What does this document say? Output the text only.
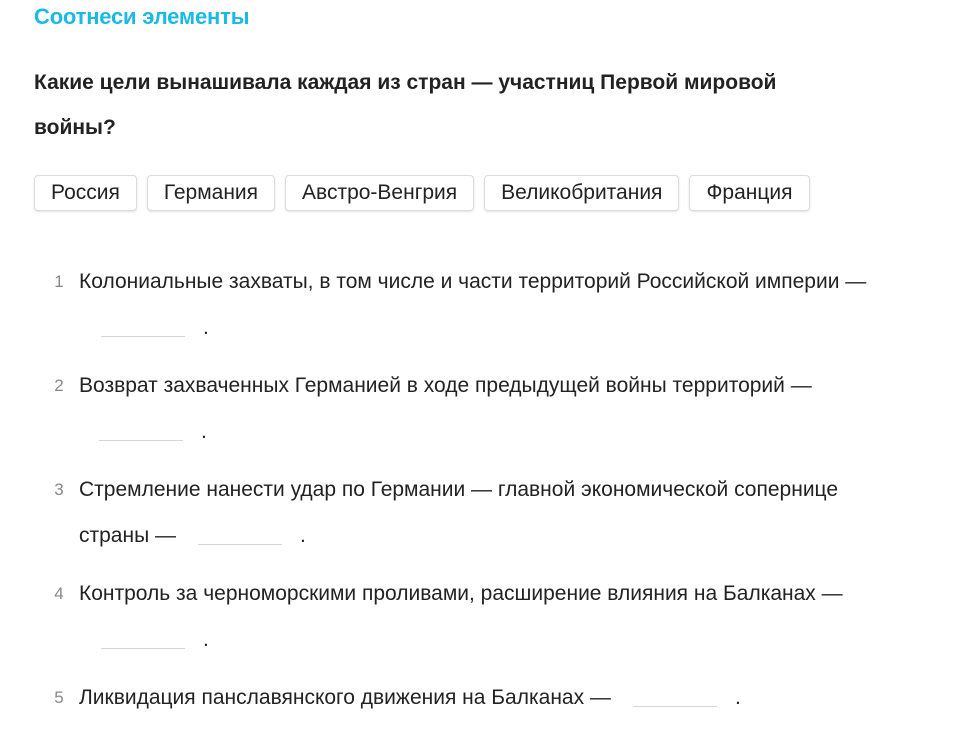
Соотнеси элементы
Какие цели вынашивала каждая из стран — участниц Первой мировой войны?
Россия	Германия	Австро-Венгрия	Великобритания	Франция
1 Колониальные захваты, в том числе и части территорий Российской империи —.
2 Возврат захваченных Германией в ходе предыдущей войны территорий —.
3 Стремление нанести удар по Германии — главной экономической сопернице страны —	.
4 Контроль за черноморскими проливами, расширение влияния на Балканах —.
5 Ликвидация панславянского движения на Балканах —	.
